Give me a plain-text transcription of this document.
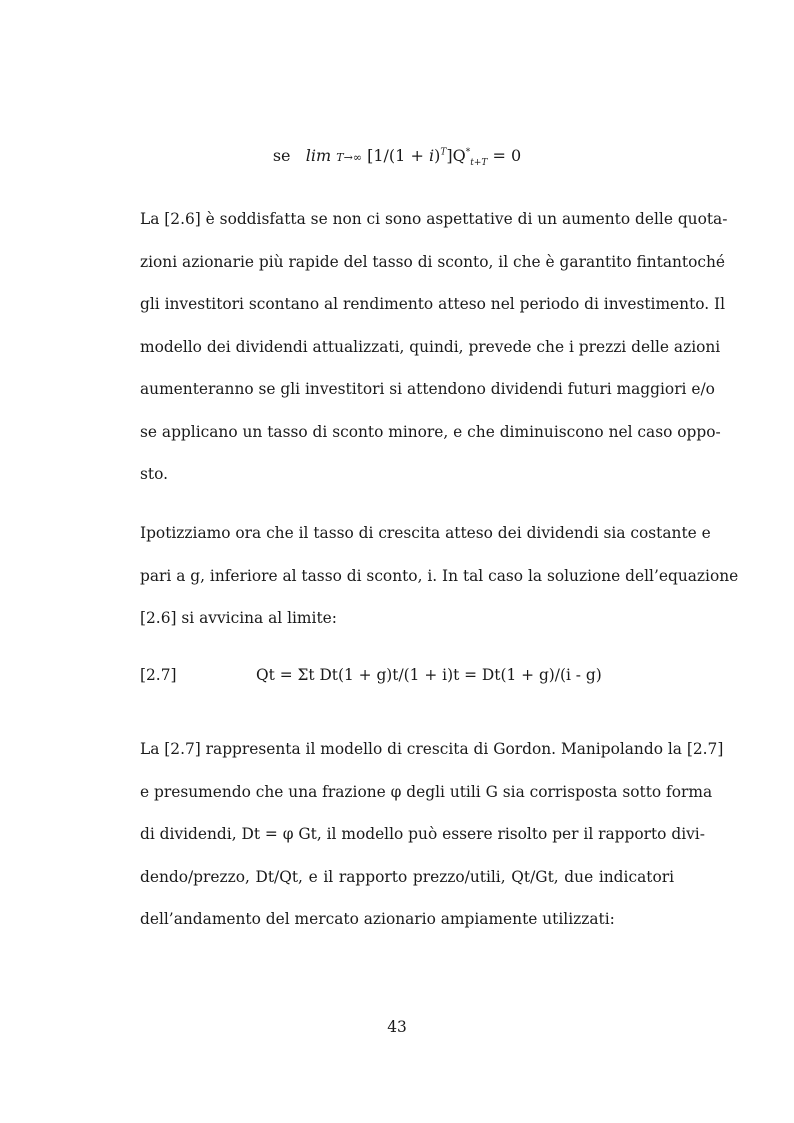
se lim T→∞ $[1/(1 + i)^T]Q^*_{t+T} = 0$

La [2.6] è soddisfatta se non ci sono aspettative di un aumento delle quota-
zioni azionarie più rapide del tasso di sconto, il che è garantito fintantoché
gli investitori scontano al rendimento atteso nel periodo di investimento. Il
modello dei dividendi attualizzati, quindi, prevede che i prezzi delle azioni
aumenteranno se gli investitori si attendono dividendi futuri maggiori e/o
se applicano un tasso di sconto minore, e che diminuiscono nel caso oppo-
sto.

Ipotizziamo ora che il tasso di crescita atteso dei dividendi sia costante e
pari a g, inferiore al tasso di sconto, i. In tal caso la soluzione dell’equazione
[2.6] si avvicina al limite:

[2.7]	Qt = Σt Dt(1 + g)t/(1 + i)t = Dt(1 + g)/(i - g)

La [2.7] rappresenta il modello di crescita di Gordon. Manipolando la [2.7]
e presumendo che una frazione φ degli utili G sia corrisposta sotto forma
di dividendi, Dt = φ Gt, il modello può essere risolto per il rapporto divi-
dendo/prezzo, Dt/Qt, e il rapporto prezzo/utili, Qt/Gt, due indicatori
dell’andamento del mercato azionario ampiamente utilizzati:

43
